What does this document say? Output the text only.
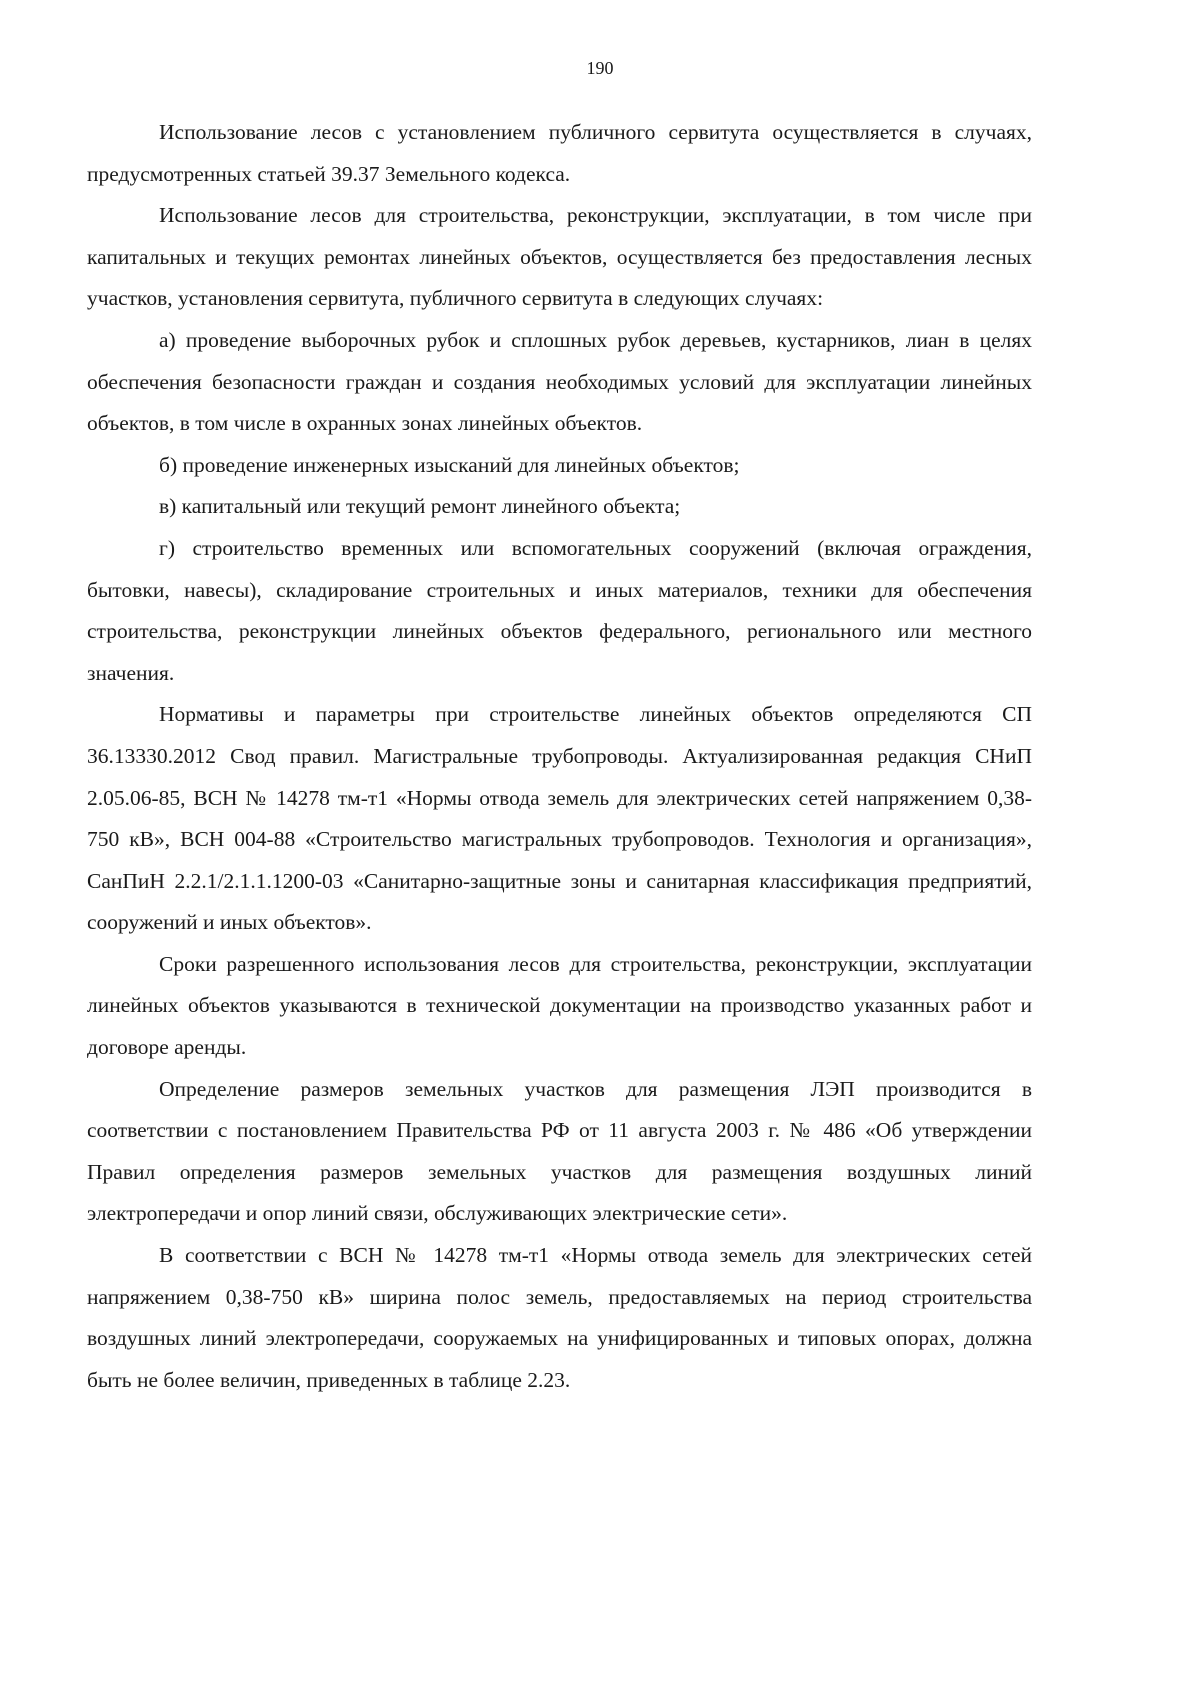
190

Использование лесов с установлением публичного сервитута осуществляется в случаях, предусмотренных статьей 39.37 Земельного кодекса.

Использование лесов для строительства, реконструкции, эксплуатации, в том числе при капитальных и текущих ремонтах линейных объектов, осуществляется без предоставления лесных участков, установления сервитута, публичного сервитута в следующих случаях:

а) проведение выборочных рубок и сплошных рубок деревьев, кустарников, лиан в целях обеспечения безопасности граждан и создания необходимых условий для эксплуатации линейных объектов, в том числе в охранных зонах линейных объектов.

б) проведение инженерных изысканий для линейных объектов;

в) капитальный или текущий ремонт линейного объекта;

г) строительство временных или вспомогательных сооружений (включая ограждения, бытовки, навесы), складирование строительных и иных материалов, техники для обеспечения строительства, реконструкции линейных объектов федерального, регионального или местного значения.

Нормативы и параметры при строительстве линейных объектов определяются СП 36.13330.2012 Свод правил. Магистральные трубопроводы. Актуализированная редакция СНиП 2.05.06-85, ВСН № 14278 тм-т1 «Нормы отвода земель для электрических сетей напряжением 0,38-750 кВ», ВСН 004-88 «Строительство магистральных трубопроводов. Технология и организация», СанПиН 2.2.1/2.1.1.1200-03 «Санитарно-защитные зоны и санитарная классификация предприятий, сооружений и иных объектов».

Сроки разрешенного использования лесов для строительства, реконструкции, эксплуатации линейных объектов указываются в технической документации на производство указанных работ и договоре аренды.

Определение размеров земельных участков для размещения ЛЭП производится в соответствии с постановлением Правительства РФ от 11 августа 2003 г. № 486 «Об утверждении Правил определения размеров земельных участков для размещения воздушных линий электропередачи и опор линий связи, обслуживающих электрические сети».

В соответствии с ВСН № 14278 тм-т1 «Нормы отвода земель для электрических сетей напряжением 0,38-750 кВ» ширина полос земель, предоставляемых на период строительства воздушных линий электропередачи, сооружаемых на унифицированных и типовых опорах, должна быть не более величин, приведенных в таблице 2.23.
